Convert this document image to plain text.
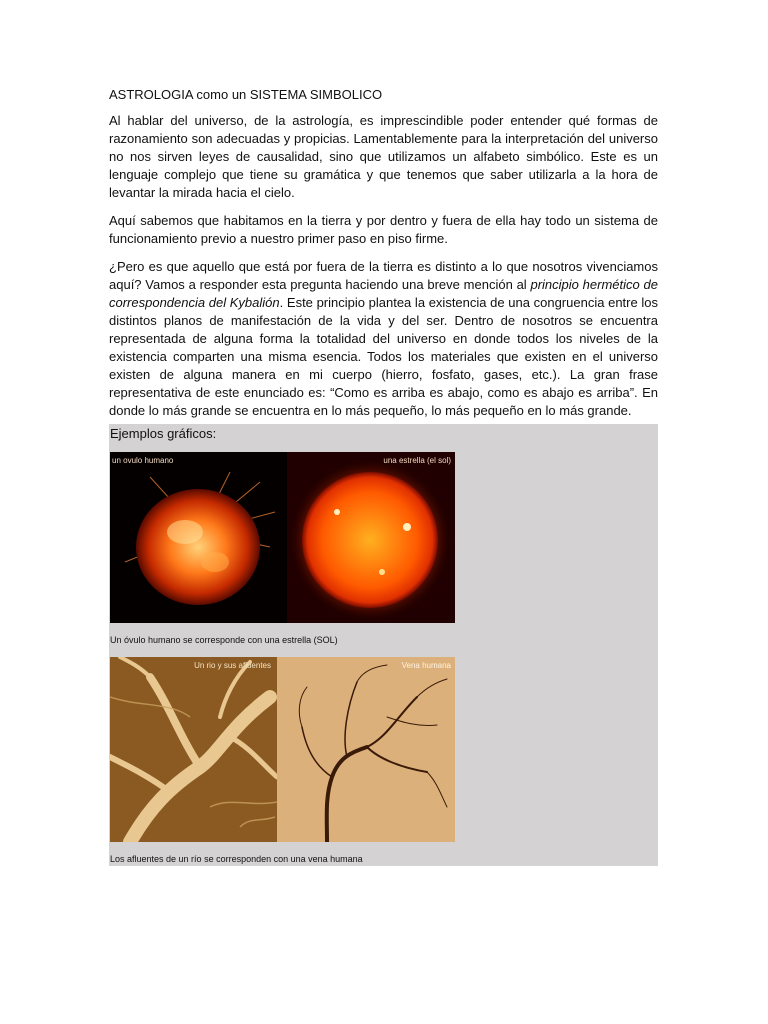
ASTROLOGIA como un SISTEMA SIMBOLICO

Al hablar del universo, de la astrología, es imprescindible poder entender qué formas de razonamiento son adecuadas y propicias. Lamentablemente para la interpretación del universo no nos sirven leyes de causalidad, sino que utilizamos un alfabeto simbólico. Este es un lenguaje complejo que tiene su gramática y que tenemos que saber utilizarla a la hora de levantar la mirada hacia el cielo.

Aquí sabemos que habitamos en la tierra y por dentro y fuera de ella hay todo un sistema de funcionamiento previo a nuestro primer paso en piso firme.

¿Pero es que aquello que está por fuera de la tierra es distinto a lo que nosotros vivenciamos aquí? Vamos a responder esta pregunta haciendo una breve mención al principio hermético de correspondencia del Kybalión. Este principio plantea la existencia de una congruencia entre los distintos planos de manifestación de la vida y del ser. Dentro de nosotros se encuentra representada de alguna forma la totalidad del universo en donde todos los niveles de la existencia comparten una misma esencia. Todos los materiales que existen en el universo existen de alguna manera en mi cuerpo (hierro, fosfato, gases, etc.). La gran frase representativa de este enunciado es: “Como es arriba es abajo, como es abajo es arriba”. En donde lo más grande se encuentra en lo más pequeño, lo más pequeño en lo más grande.

Ejemplos gráficos:
un ovulo humano	una estrella (el sol)
Un óvulo humano se corresponde con una estrella (SOL)
Un rio y sus afluentes	Vena humana
Los afluentes de un río se corresponden con una vena humana
